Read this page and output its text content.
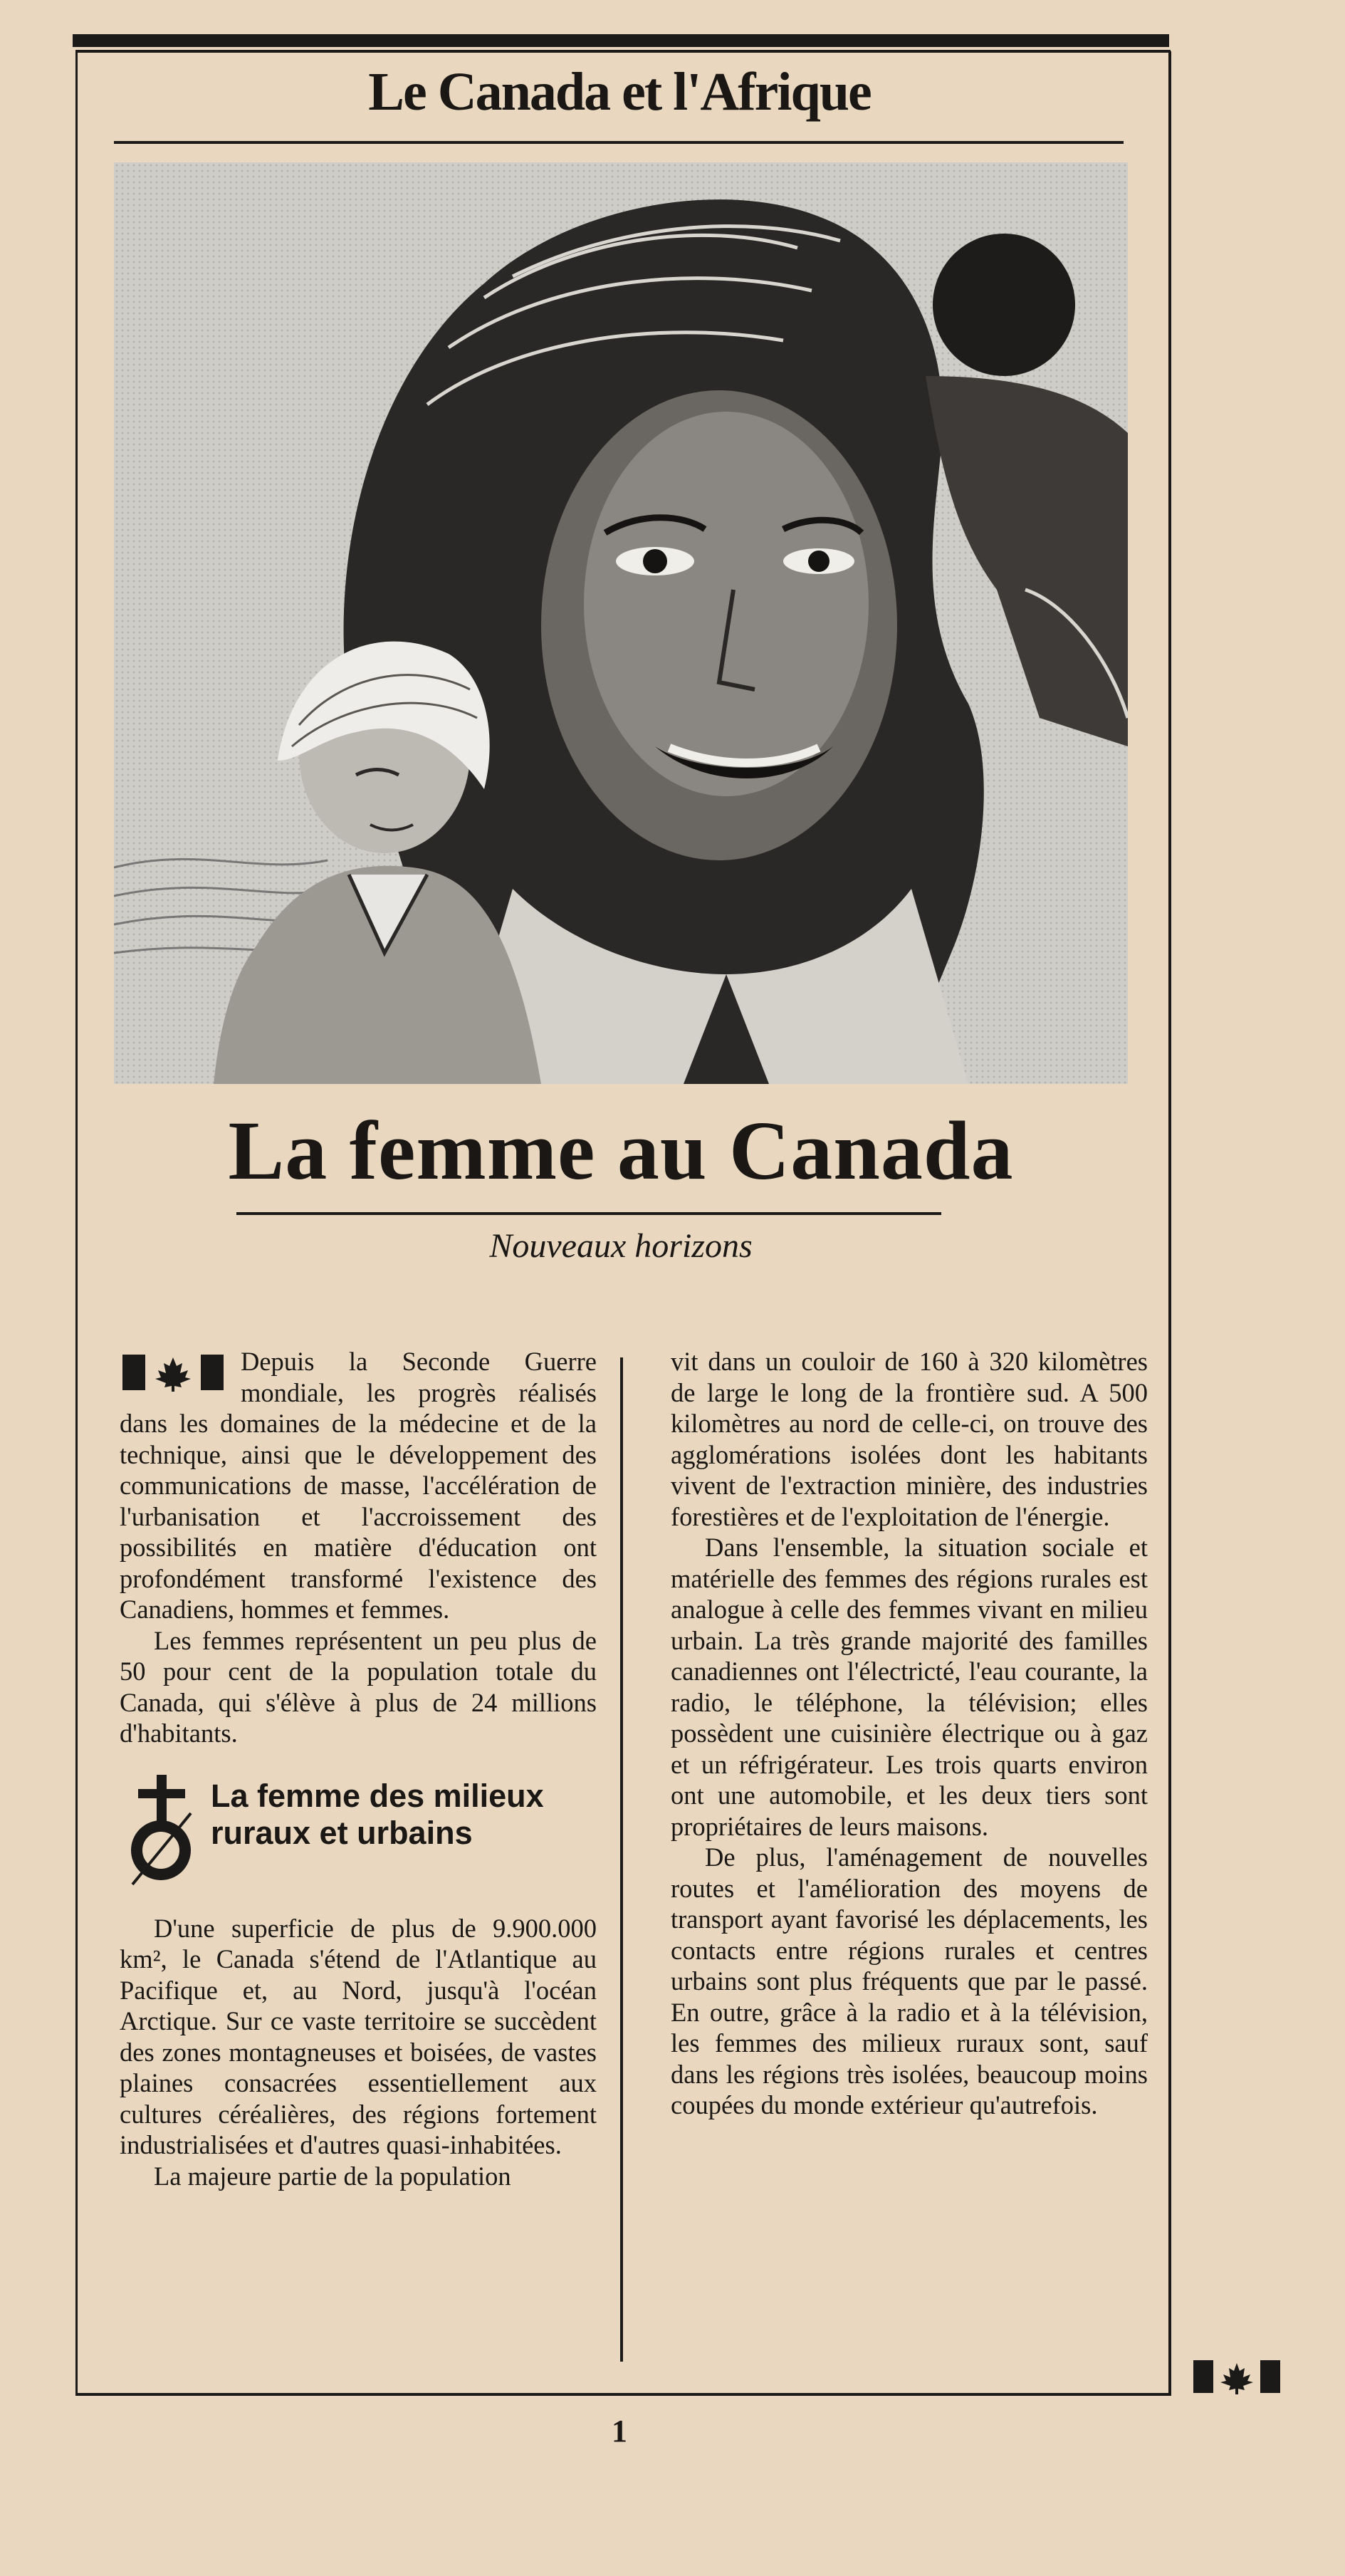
Le Canada et l'Afrique
La femme au Canada
Nouveaux horizons

Depuis la Seconde Guerre mondiale, les progrès réalisés dans les domaines de la médecine et de la technique, ainsi que le développement des communications de masse, l'accélération de l'urbanisation et l'accroissement des possibilités en matière d'éducation ont profondément transformé l'existence des Canadiens, hommes et femmes.

Les femmes représentent un peu plus de 50 pour cent de la population totale du Canada, qui s'élève à plus de 24 millions d'habitants.

La femme des milieux ruraux et urbains

D'une superficie de plus de 9.900.000 km², le Canada s'étend de l'Atlantique au Pacifique et, au Nord, jusqu'à l'océan Arctique. Sur ce vaste territoire se succèdent des zones montagneuses et boisées, de vastes plaines consacrées essentiellement aux cultures céréalières, des régions fortement industrialisées et d'autres quasi-inhabitées.

La majeure partie de la population

vit dans un couloir de 160 à 320 kilomètres de large le long de la frontière sud. A 500 kilomètres au nord de celle-ci, on trouve des agglomérations isolées dont les habitants vivent de l'extraction minière, des industries forestières et de l'exploitation de l'énergie.

Dans l'ensemble, la situation sociale et matérielle des femmes des régions rurales est analogue à celle des femmes vivant en milieu urbain. La très grande majorité des familles canadiennes ont l'électricté, l'eau courante, la radio, le téléphone, la télévision; elles possèdent une cuisinière électrique ou à gaz et un réfrigérateur. Les trois quarts environ ont une automobile, et les deux tiers sont propriétaires de leurs maisons.

De plus, l'aménagement de nouvelles routes et l'amélioration des moyens de transport ayant favorisé les déplacements, les contacts entre régions rurales et centres urbains sont plus fréquents que par le passé. En outre, grâce à la radio et à la télévision, les femmes des milieux ruraux sont, sauf dans les régions très isolées, beaucoup moins coupées du monde extérieur qu'autrefois.

1
